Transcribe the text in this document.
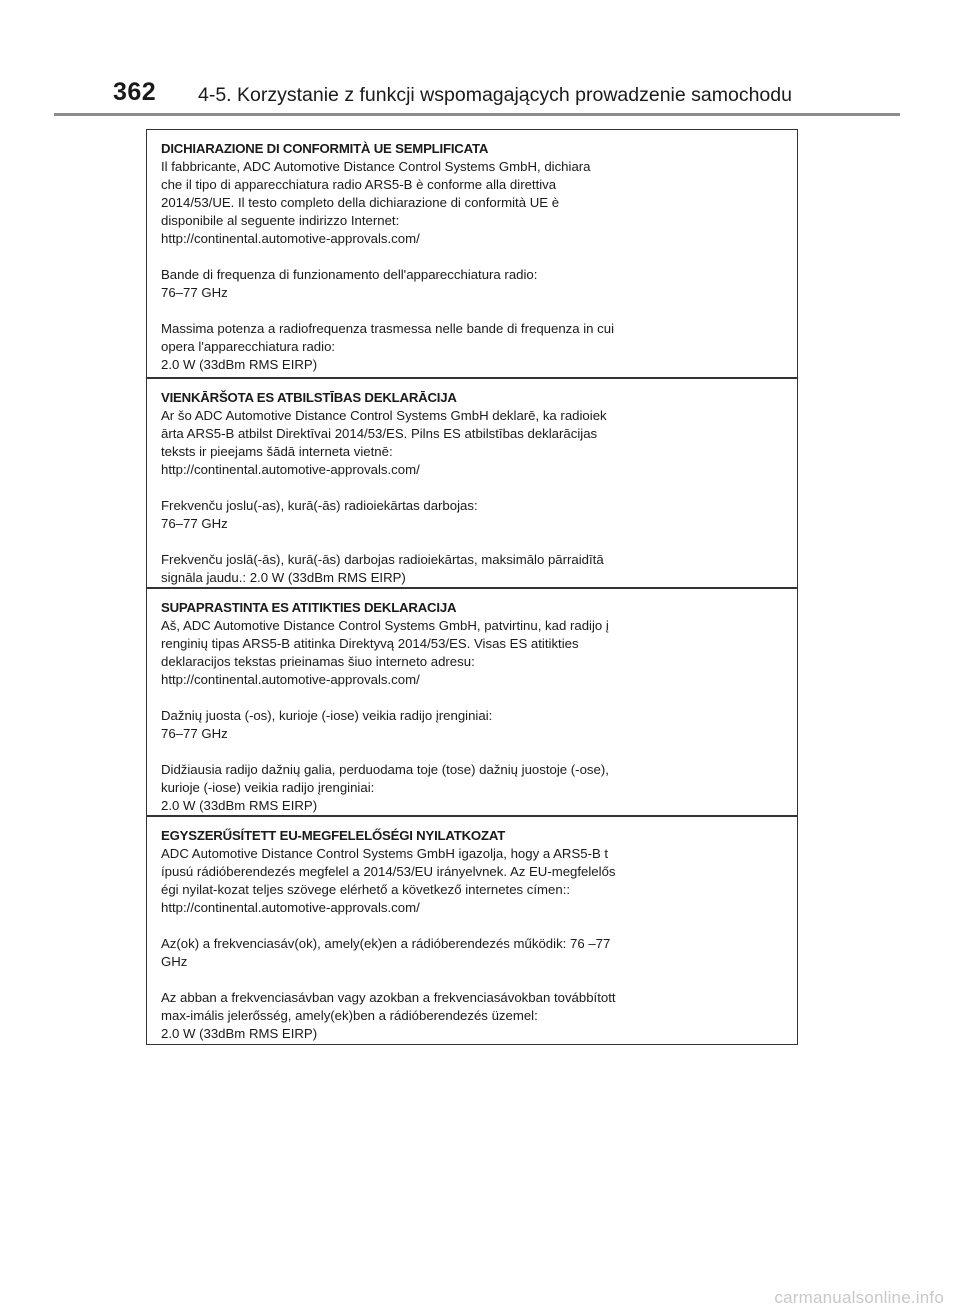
362 4-5. Korzystanie z funkcji wspomagających prowadzenie samochodu
DICHIARAZIONE DI CONFORMITÀ UE SEMPLIFICATA

Il fabbricante, ADC Automotive Distance Control Systems GmbH, dichiara
che il tipo di apparecchiatura radio ARS5-B è conforme alla direttiva
2014/53/UE. Il testo completo della dichiarazione di conformità UE è
disponibile al seguente indirizzo Internet:
http://continental.automotive-approvals.com/

Bande di frequenza di funzionamento dell'apparecchiatura radio:
76–77 GHz

Massima potenza a radiofrequenza trasmessa nelle bande di frequenza in cui
opera l'apparecchiatura radio:
2.0 W (33dBm RMS EIRP)

VIENKĀRŠOTA ES ATBILSTĪBAS DEKLARĀCIJA

Ar šo ADC Automotive Distance Control Systems GmbH deklarē, ka radioiek
ārta ARS5-B atbilst Direktīvai 2014/53/ES. Pilns ES atbilstības deklarācijas
teksts ir pieejams šādā interneta vietnē:
http://continental.automotive-approvals.com/

Frekvenču joslu(-as), kurā(-ās) radioiekārtas darbojas:
76–77 GHz

Frekvenču joslā(-ās), kurā(-ās) darbojas radioiekārtas, maksimālo pārraidītā
signāla jaudu.: 2.0 W (33dBm RMS EIRP)

SUPAPRASTINTA ES ATITIKTIES DEKLARACIJA

Aš, ADC Automotive Distance Control Systems GmbH, patvirtinu, kad radijo į
renginių tipas ARS5-B atitinka Direktyvą 2014/53/ES. Visas ES atitikties
deklaracijos tekstas prieinamas šiuo interneto adresu:
http://continental.automotive-approvals.com/

Dažnių juosta (-os), kurioje (-iose) veikia radijo įrenginiai:
76–77 GHz

Didžiausia radijo dažnių galia, perduodama toje (tose) dažnių juostoje (-ose),
kurioje (-iose) veikia radijo įrenginiai:
2.0 W (33dBm RMS EIRP)

EGYSZERŰSÍTETT EU-MEGFELELŐSÉGI NYILATKOZAT

ADC Automotive Distance Control Systems GmbH igazolja, hogy a ARS5-B t
ípusú rádióberendezés megfelel a 2014/53/EU irányelvnek. Az EU-megfelelős
égi nyilat-kozat teljes szövege elérhető a következő internetes címen::
http://continental.automotive-approvals.com/

Az(ok) a frekvenciasáv(ok), amely(ek)en a rádióberendezés működik: 76 –77
GHz

Az abban a frekvenciasávban vagy azokban a frekvenciasávokban továbbított
max-imális jelerősség, amely(ek)ben a rádióberendezés üzemel:
2.0 W (33dBm RMS EIRP)

carmanualsonline.info
